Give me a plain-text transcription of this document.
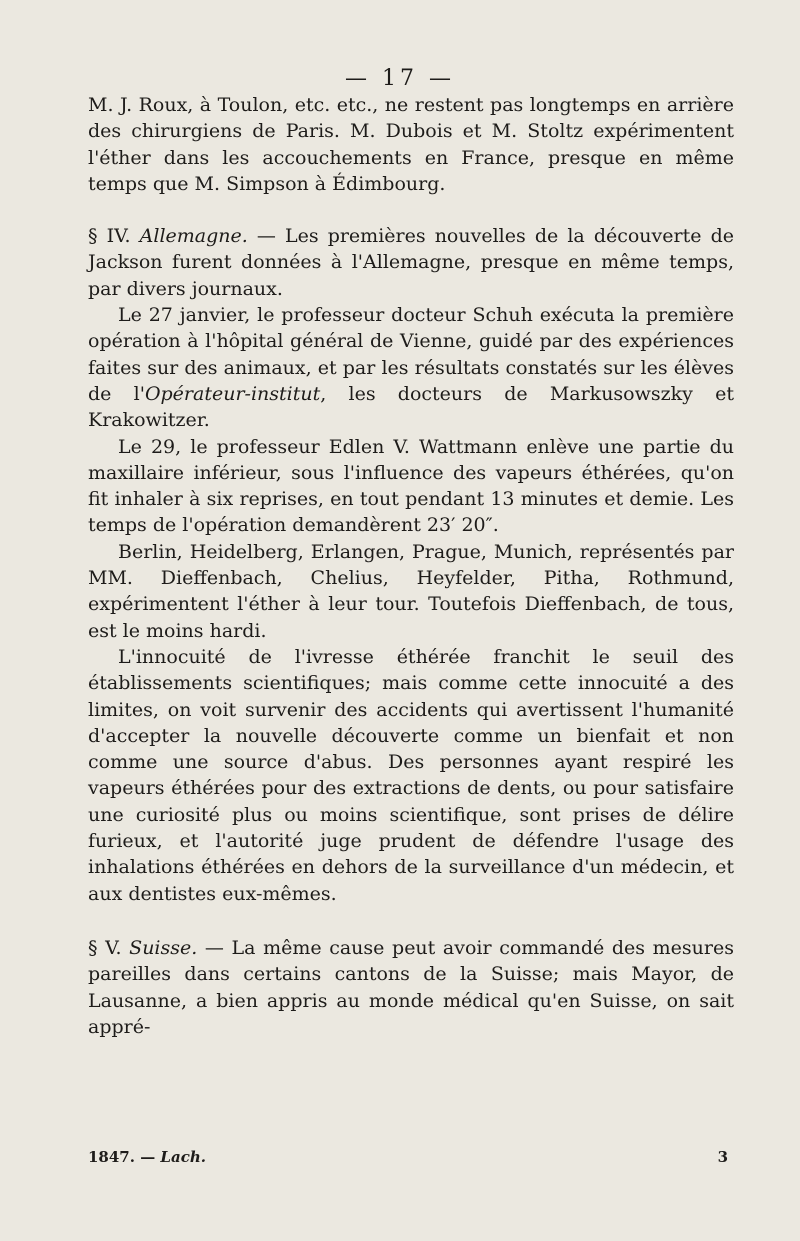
— 17 —

M. J. Roux, à Toulon, etc. etc., ne restent pas longtemps en arrière des chirurgiens de Paris. M. Dubois et M. Stoltz expérimentent l'éther dans les accouchements en France, presque en même temps que M. Simpson à Édimbourg.

§ IV. Allemagne. — Les premières nouvelles de la découverte de Jackson furent données à l'Allemagne, presque en même temps, par divers journaux.

Le 27 janvier, le professeur docteur Schuh exécuta la première opération à l'hôpital général de Vienne, guidé par des expériences faites sur des animaux, et par les résultats constatés sur les élèves de l'Opérateur-institut, les docteurs de Markusowszky et Krakowitzer.

Le 29, le professeur Edlen V. Wattmann enlève une partie du maxillaire inférieur, sous l'influence des vapeurs éthérées, qu'on fit inhaler à six reprises, en tout pendant 13 minutes et demie. Les temps de l'opération demandèrent 23′ 20″.

Berlin, Heidelberg, Erlangen, Prague, Munich, représentés par MM. Dieffenbach, Chelius, Heyfelder, Pitha, Rothmund, expérimentent l'éther à leur tour. Toutefois Dieffenbach, de tous, est le moins hardi.

L'innocuité de l'ivresse éthérée franchit le seuil des établissements scientifiques; mais comme cette innocuité a des limites, on voit survenir des accidents qui avertissent l'humanité d'accepter la nouvelle découverte comme un bienfait et non comme une source d'abus. Des personnes ayant respiré les vapeurs éthérées pour des extractions de dents, ou pour satisfaire une curiosité plus ou moins scientifique, sont prises de délire furieux, et l'autorité juge prudent de défendre l'usage des inhalations éthérées en dehors de la surveillance d'un médecin, et aux dentistes eux-mêmes.

§ V. Suisse. — La même cause peut avoir commandé des mesures pareilles dans certains cantons de la Suisse; mais Mayor, de Lausanne, a bien appris au monde médical qu'en Suisse, on sait appré-

1847. — Lach.	3
